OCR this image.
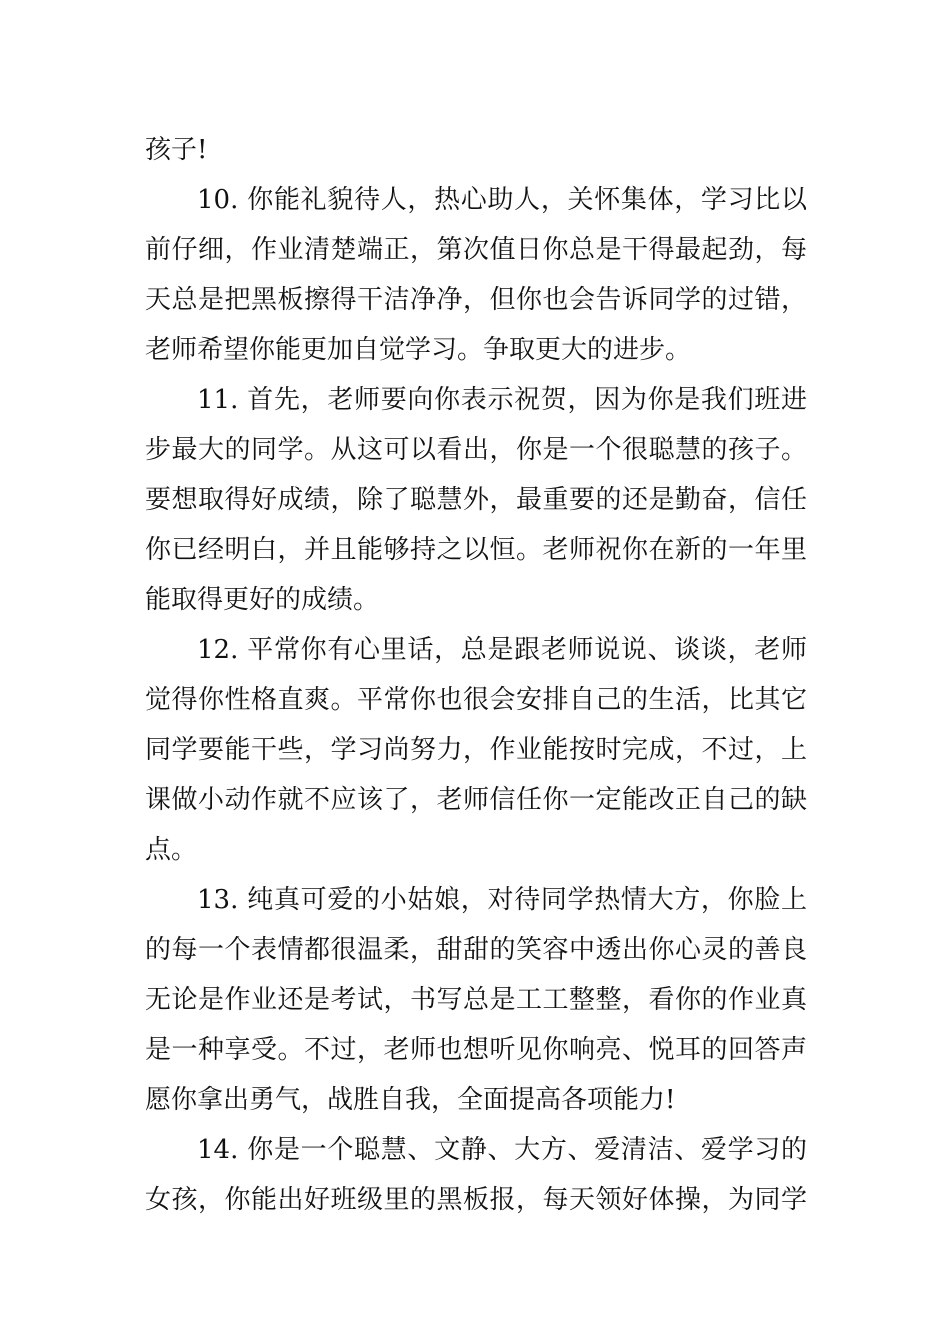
孩子!
10. 你能礼貌待人，热心助人，关怀集体，学习比以
前仔细，作业清楚端正，第次值日你总是干得最起劲，每
天总是把黑板擦得干洁净净，但你也会告诉同学的过错，
老师希望你能更加自觉学习。争取更大的进步。
11. 首先，老师要向你表示祝贺，因为你是我们班进
步最大的同学。从这可以看出，你是一个很聪慧的孩子。
要想取得好成绩，除了聪慧外，最重要的还是勤奋，信任
你已经明白，并且能够持之以恒。老师祝你在新的一年里
能取得更好的成绩。
12. 平常你有心里话，总是跟老师说说、谈谈，老师
觉得你性格直爽。平常你也很会安排自己的生活，比其它
同学要能干些，学习尚努力，作业能按时完成，不过，上
课做小动作就不应该了，老师信任你一定能改正自己的缺
点。
13. 纯真可爱的小姑娘，对待同学热情大方，你脸上
的每一个表情都很温柔，甜甜的笑容中透出你心灵的善良
无论是作业还是考试，书写总是工工整整，看你的作业真
是一种享受。不过，老师也想听见你响亮、悦耳的回答声
愿你拿出勇气，战胜自我，全面提高各项能力!
14. 你是一个聪慧、文静、大方、爱清洁、爱学习的
女孩，你能出好班级里的黑板报，每天领好体操，为同学
